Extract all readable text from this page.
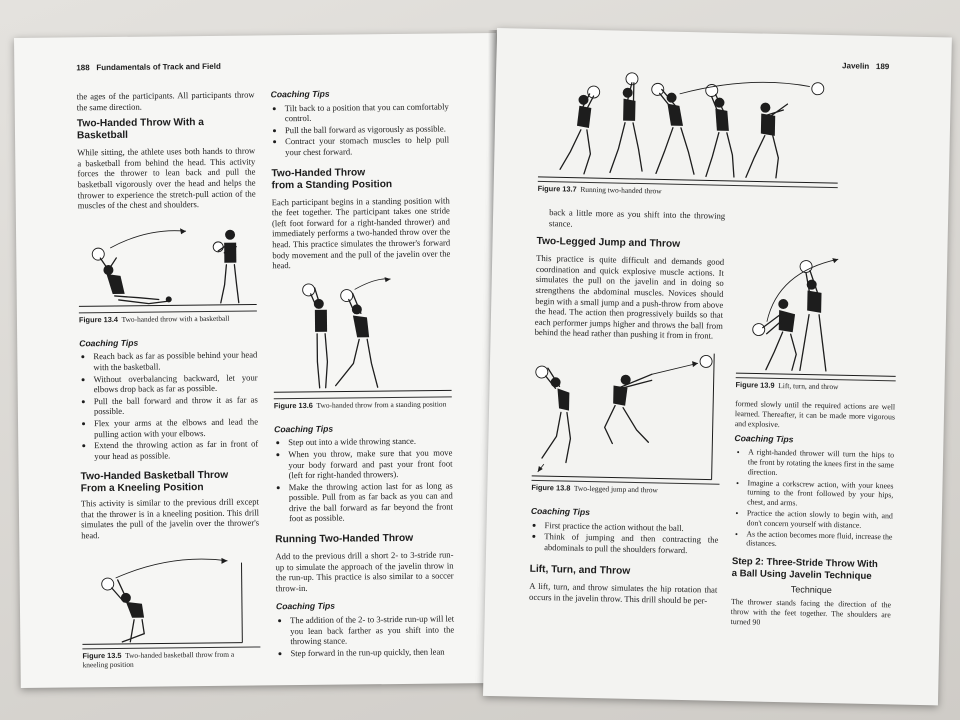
188 Fundamentals of Track and Field

the ages of the participants. All participants throw the same direction.

Two-Handed Throw With a Basketball

While sitting, the athlete uses both hands to throw a basketball from behind the head. This activity forces the thrower to lean back and pull the basketball vigorously over the head and helps the thrower to experience the stretch-pull action of the muscles of the chest and shoulders.

Figure 13.4 Two-handed throw with a basketball
Coaching Tips
• Reach back as far as possible behind your head with the basketball.
• Without overbalancing backward, let your elbows drop back as far as possible.
• Pull the ball forward and throw it as far as possible.
• Flex your arms at the elbows and lead the pulling action with your elbows.
• Extend the throwing action as far in front of your head as possible.
Two-Handed Basketball Throw
From a Kneeling Position

This activity is similar to the previous drill except that the thrower is in a kneeling position. This drill simulates the pull of the javelin over the thrower's head.

Figure 13.5 Two-handed basketball throw from a kneeling position
Coaching Tips
• Tilt back to a position that you can comfortably control.
• Pull the ball forward as vigorously as possible.
• Contract your stomach muscles to help pull your chest forward.
Two-Handed Throw
from a Standing Position

Each participant begins in a standing position with the feet together. The participant takes one stride (left foot forward for a right-handed thrower) and immediately performs a two-handed throw over the head. This practice simulates the thrower's forward body movement and the pull of the javelin over the head.

Figure 13.6 Two-handed throw from a standing position
Coaching Tips
• Step out into a wide throwing stance.
• When you throw, make sure that you move your body forward and past your front foot (left for right-handed throwers).
• Make the throwing action last for as long as possible. Pull from as far back as you can and drive the ball forward as far beyond the front foot as possible.
Running Two-Handed Throw

Add to the previous drill a short 2- to 3-stride run-up to simulate the approach of the javelin throw in the run-up. This practice is also similar to a soccer throw-in.

Coaching Tips
• The addition of the 2- to 3-stride run-up will let you lean back farther as you shift into the throwing stance.
• Step forward in the run-up quickly, then lean
Javelin 189
Figure 13.7 Running two-handed throw

back a little more as you shift into the throwing stance.

Two-Legged Jump and Throw

This practice is quite difficult and demands good coordination and quick explosive muscle actions. It simulates the pull on the javelin and in doing so strengthens the abdominal muscles. Novices should begin with a small jump and a push-throw from above the head. The action then progressively builds so that each performer jumps higher and throws the ball from behind the head rather than pushing it from in front.

Figure 13.8 Two-legged jump and throw
Coaching Tips
• First practice the action without the ball.
• Think of jumping and then contracting the abdominals to pull the shoulders forward.
Lift, Turn, and Throw

A lift, turn, and throw simulates the hip rotation that occurs in the javelin throw. This drill should be per-

Figure 13.9 Lift, turn, and throw

formed slowly until the required actions are well learned. Thereafter, it can be made more vigorous and explosive.

Coaching Tips
• A right-handed thrower will turn the hips to the front by rotating the knees first in the same direction.
• Imagine a corkscrew action, with your knees turning to the front followed by your hips, chest, and arms.
• Practice the action slowly to begin with, and don't concern yourself with distance.
• As the action becomes more fluid, increase the distances.
Step 2: Three-Stride Throw With
a Ball Using Javelin Technique
Technique

The thrower stands facing the direction of the throw with the feet together. The shoulders are turned 90
